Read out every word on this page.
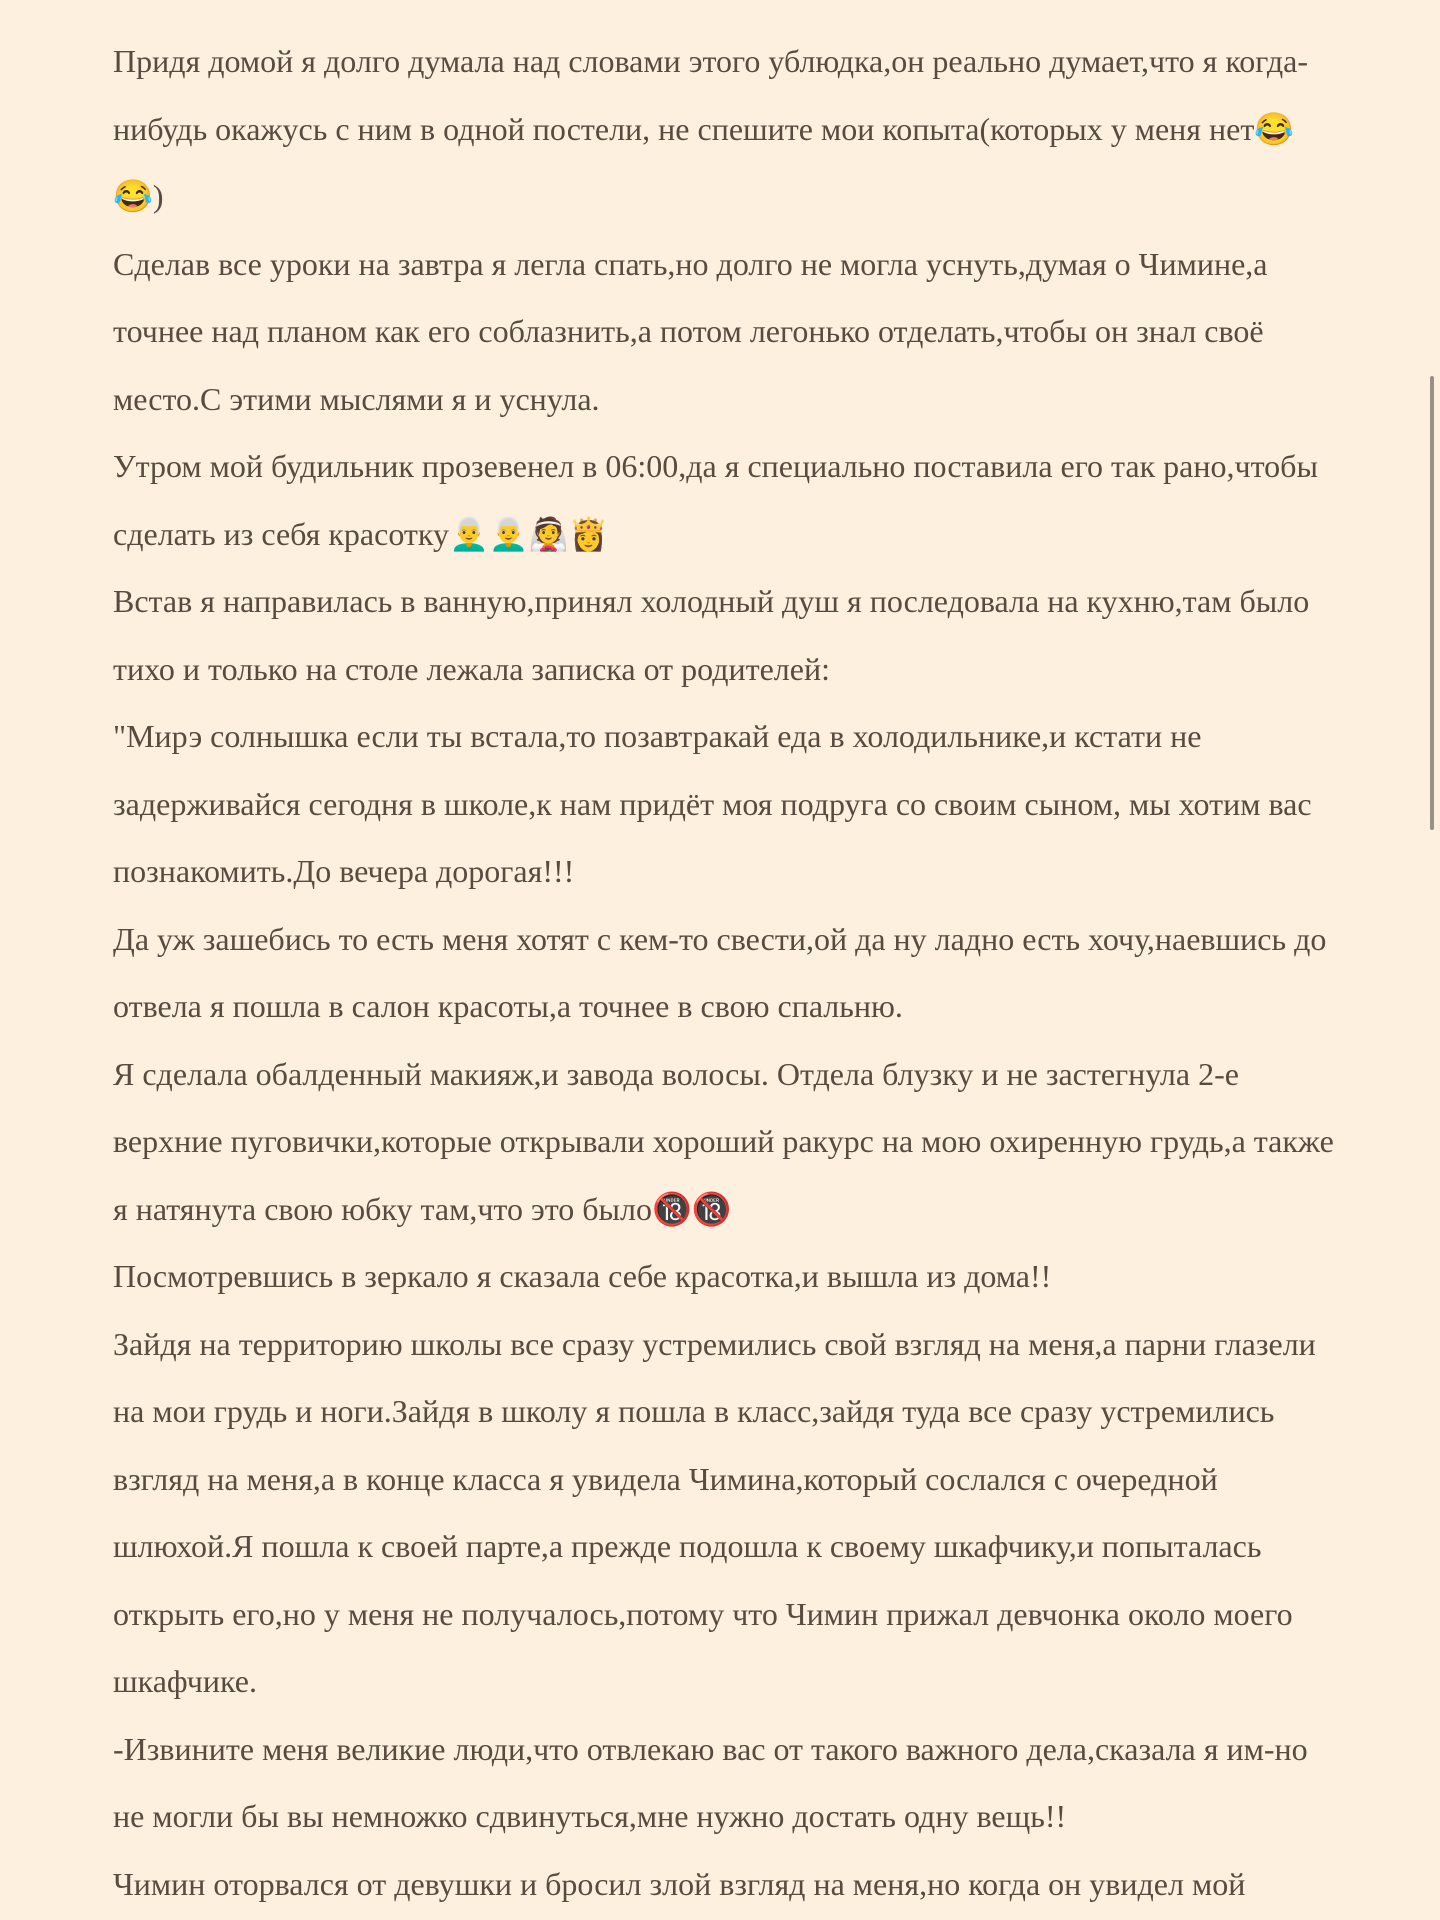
Придя домой я долго думала над словами этого ублюдка,он реально думает,что я когда-нибудь окажусь с ним в одной постели, не спешите мои копыта(которых у меня нет😂😂)

Сделав все уроки на завтра я легла спать,но долго не могла уснуть,думая о Чимине,а точнее над планом как его соблазнить,а потом легонько отделать,чтобы он знал своё место.С этими мыслями я и уснула.

Утром мой будильник прозевенел в 06:00,да я специально поставила его так рано,чтобы сделать из себя красотку👨‍🦳👨‍🦳👰👸

Встав я направилась в ванную,принял холодный душ я последовала на кухню,там было тихо и только на столе лежала записка от родителей:

"Мирэ солнышка если ты встала,то позавтракай еда в холодильнике,и кстати не задерживайся сегодня в школе,к нам придёт моя подруга со своим сыном, мы хотим вас познакомить.До вечера дорогая!!!

Да уж зашебись то есть меня хотят с кем-то свести,ой да ну ладно есть хочу,наевшись до отвела я пошла в салон красоты,а точнее в свою спальню.

Я сделала обалденный макияж,и завода волосы. Отдела блузку и не застегнула 2-е верхние пуговички,которые открывали хороший ракурс на мою охиренную грудь,а также я натянута свою юбку там,что это было🔞🔞

Посмотревшись в зеркало я сказала себе красотка,и вышла из дома!!

Зайдя на территорию школы все сразу устремились свой взгляд на меня,а парни глазели на мои грудь и ноги.Зайдя в школу я пошла в класс,зайдя туда все сразу устремились взгляд на меня,а в конце класса я увидела Чимина,который сослался с очередной шлюхой.Я пошла к своей парте,а прежде подошла к своему шкафчику,и попыталась открыть его,но у меня не получалось,потому что Чимин прижал девчонка около моего шкафчике.

-Извините меня великие люди,что отвлекаю вас от такого важного дела,сказала я им-но не могли бы вы немножко сдвинуться,мне нужно достать одну вещь!!

Чимин оторвался от девушки и бросил злой взгляд на меня,но когда он увидел мой
